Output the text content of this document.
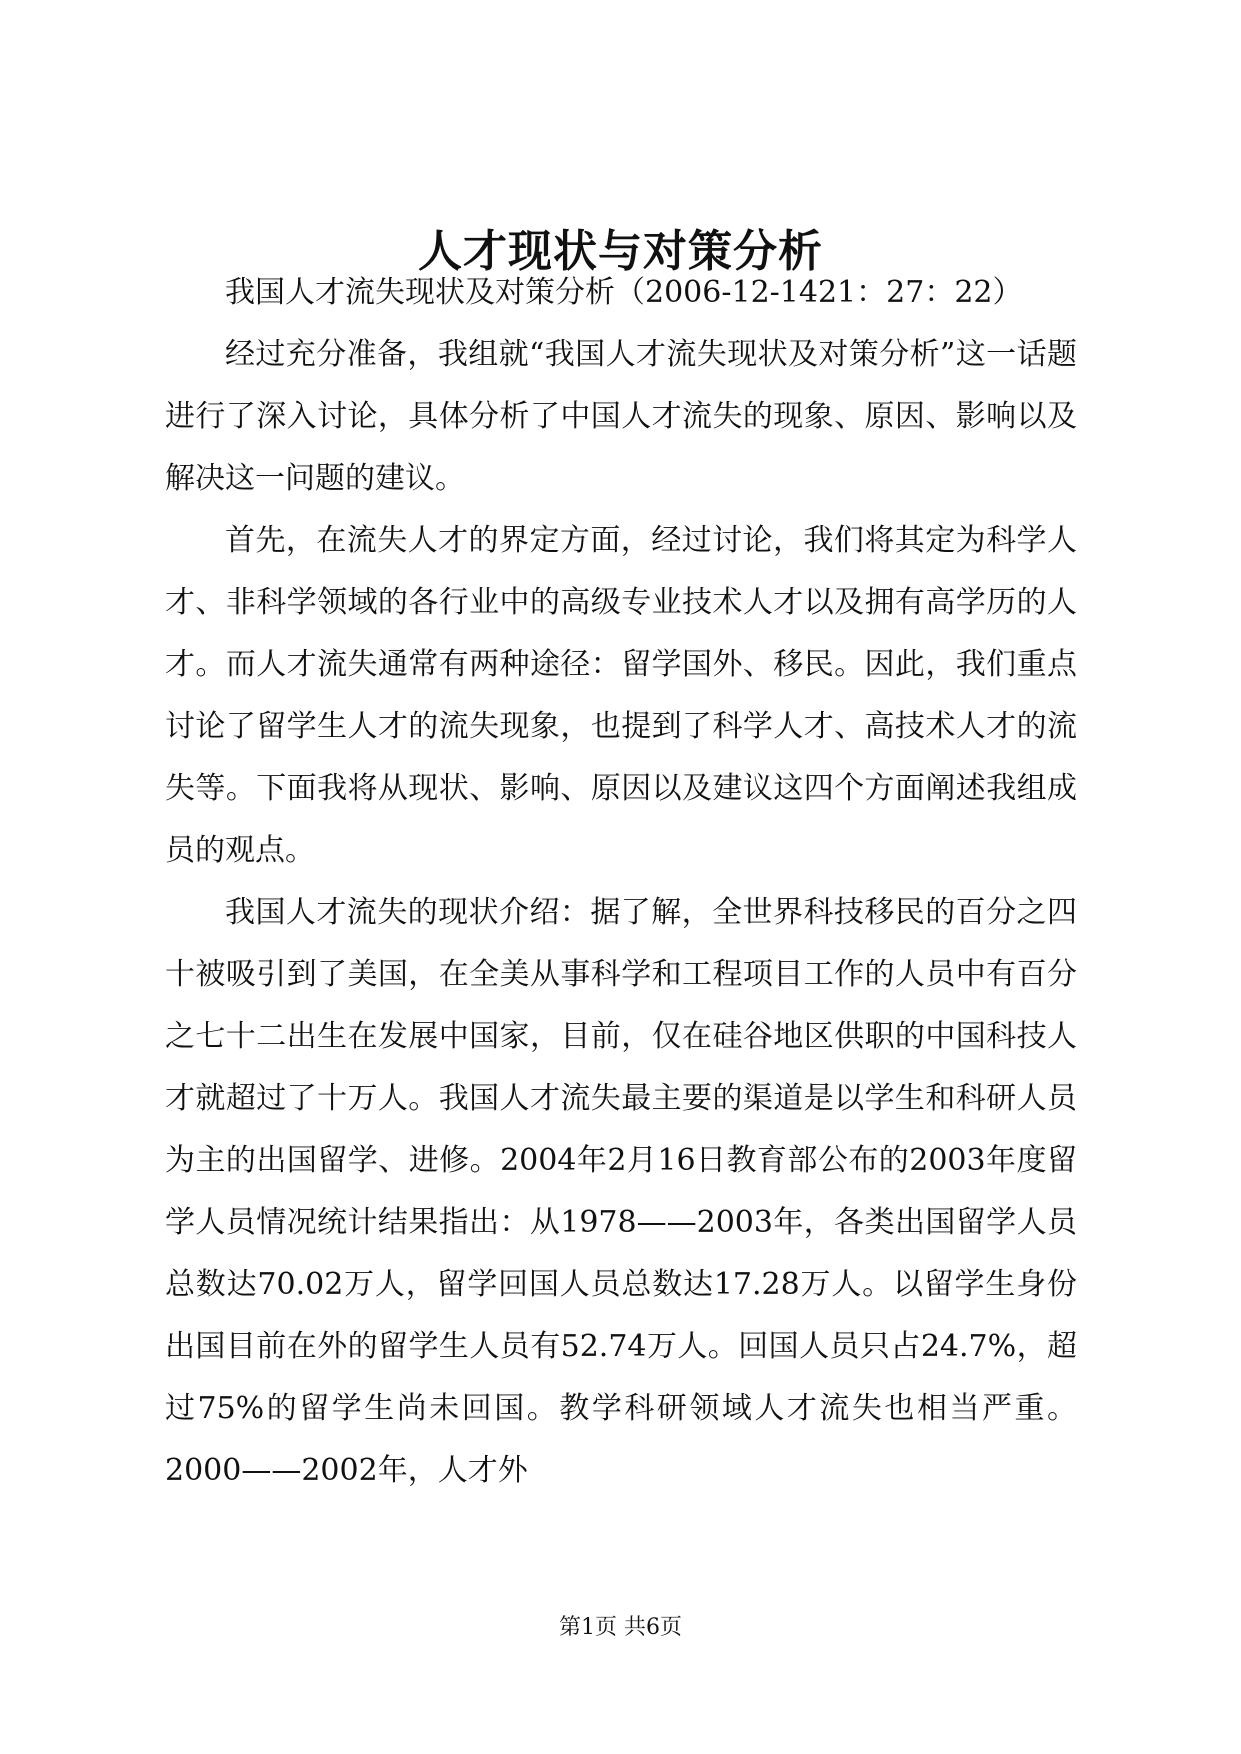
人才现状与对策分析

我国人才流失现状及对策分析（2006-12-1421：27：22）

经过充分准备，我组就“我国人才流失现状及对策分析”这一话题进行了深入讨论，具体分析了中国人才流失的现象、原因、影响以及解决这一问题的建议。

首先，在流失人才的界定方面，经过讨论，我们将其定为科学人才、非科学领域的各行业中的高级专业技术人才以及拥有高学历的人才。而人才流失通常有两种途径：留学国外、移民。因此，我们重点讨论了留学生人才的流失现象，也提到了科学人才、高技术人才的流失等。下面我将从现状、影响、原因以及建议这四个方面阐述我组成员的观点。

我国人才流失的现状介绍：据了解，全世界科技移民的百分之四十被吸引到了美国，在全美从事科学和工程项目工作的人员中有百分之七十二出生在发展中国家，目前，仅在硅谷地区供职的中国科技人才就超过了十万人。我国人才流失最主要的渠道是以学生和科研人员为主的出国留学、进修。2004年2月16日教育部公布的2003年度留学人员情况统计结果指出：从1978——2003年，各类出国留学人员总数达70.02万人，留学回国人员总数达17.28万人。以留学生身份出国目前在外的留学生人员有52.74万人。回国人员只占24.7%，超过75%的留学生尚未回国。教学科研领域人才流失也相当严重。2000——2002年，人才外

第1页 共6页
